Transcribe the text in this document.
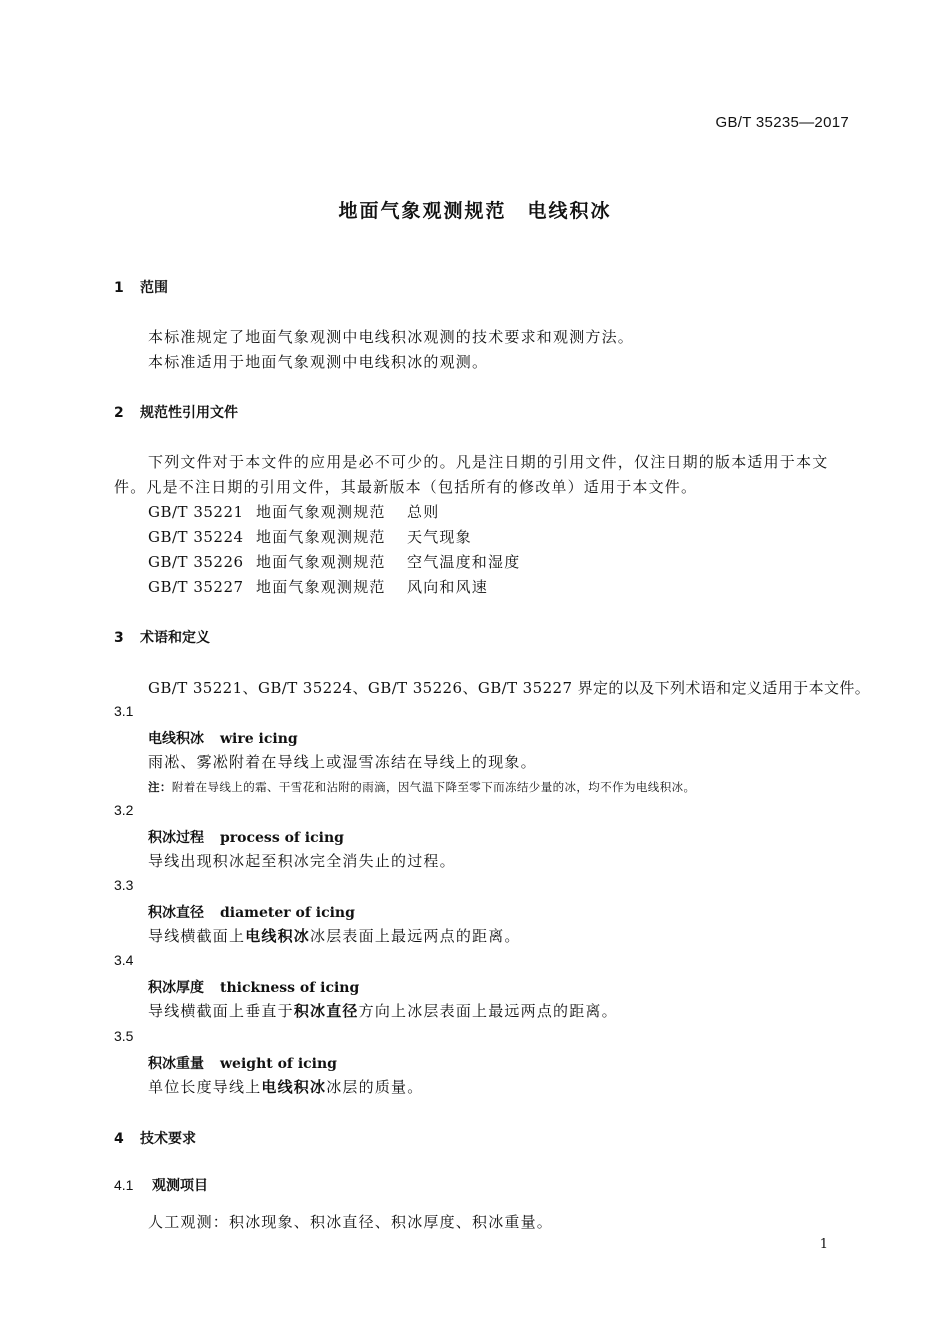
GB/T 35235—2017
地面气象观测规范　电线积冰
1 范围
本标准规定了地面气象观测中电线积冰观测的技术要求和观测方法。
本标准适用于地面气象观测中电线积冰的观测。
2 规范性引用文件
下列文件对于本文件的应用是必不可少的。凡是注日期的引用文件，仅注日期的版本适用于本文件。凡是不注日期的引用文件，其最新版本（包括所有的修改单）适用于本文件。
GB/T 35221 地面气象观测规范 总则
GB/T 35224 地面气象观测规范 天气现象
GB/T 35226 地面气象观测规范 空气温度和湿度
GB/T 35227 地面气象观测规范 风向和风速
3 术语和定义
GB/T 35221、GB/T 35224、GB/T 35226、GB/T 35227 界定的以及下列术语和定义适用于本文件。
3.1
电线积冰 wire icing
雨凇、雾凇附着在导线上或湿雪冻结在导线上的现象。
注：附着在导线上的霜、干雪花和沾附的雨滴，因气温下降至零下而冻结少量的冰，均不作为电线积冰。
3.2
积冰过程 process of icing
导线出现积冰起至积冰完全消失止的过程。
3.3
积冰直径 diameter of icing
导线横截面上电线积冰冰层表面上最远两点的距离。
3.4
积冰厚度 thickness of icing
导线横截面上垂直于积冰直径方向上冰层表面上最远两点的距离。
3.5
积冰重量 weight of icing
单位长度导线上电线积冰冰层的质量。
4 技术要求
4.1 观测项目
人工观测：积冰现象、积冰直径、积冰厚度、积冰重量。
1
